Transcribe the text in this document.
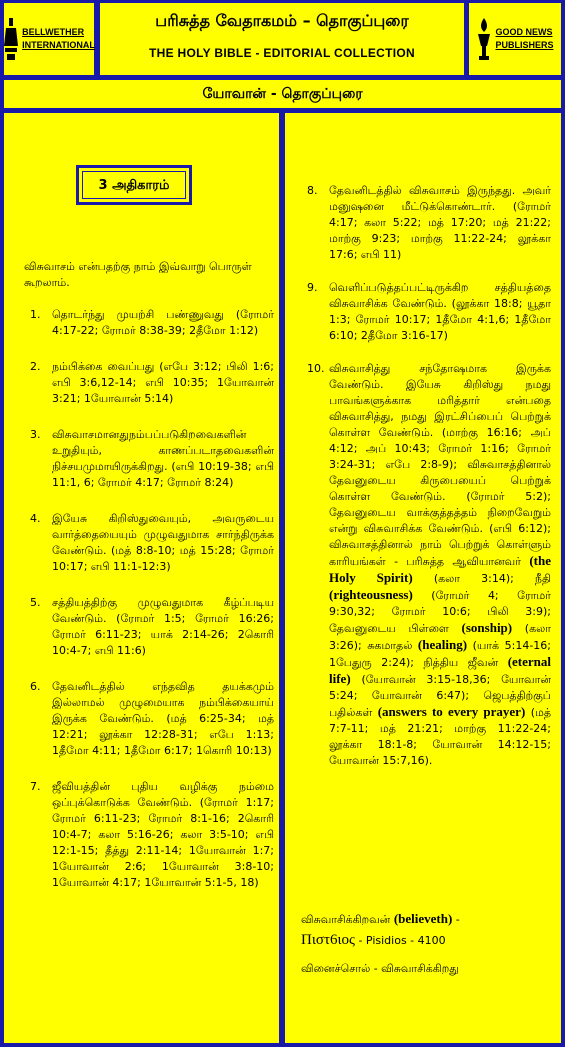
BELLWETHER
INTERNATIONAL
பரிசுத்த வேதாகமம் – தொகுப்புரை
THE HOLY BIBLE - EDITORIAL COLLECTION
GOOD NEWS
PUBLISHERS
யோவான் - தொகுப்புரை
3 அதிகாரம்
விசுவாசம் என்பதற்கு நாம் இவ்வாறு பொருள் கூறலாம்.
1. தொடர்ந்து முயற்சி பண்ணுவது (ரோமர் 4:17-22; ரோமர் 8:38-39; 2தீமோ 1:12)
2. நம்பிக்கை வைப்பது (எபே 3:12; பிலி 1:6; எபி 3:6,12-14; எபி 10:35; 1யோவான் 3:21; 1யோவான் 5:14)
3. விசுவாசமானதுநம்பப்படுகிறவைகளின் உறுதியும், காணப்படாதவைகளின் நிச்சயமுமாயிருக்கிறது. (எபி 10:19-38; எபி 11:1, 6; ரோமர் 4:17; ரோமர் 8:24)
4. இயேசு கிறிஸ்துவையும், அவருடைய வார்த்தையையும் முழுவதுமாக சார்ந்திருக்க வேண்டும். (மத் 8:8-10; மத் 15:28; ரோமர் 10:17; எபி 11:1-12:3)
5. சத்தியத்திற்கு முழுவதுமாக கீழ்ப்படிய வேண்டும். (ரோமர் 1:5; ரோமர் 16:26; ரோமர் 6:11-23; யாக் 2:14-26; 2கொரி 10:4-7; எபி 11:6)
6. தேவனிடத்தில் எந்தவித தயக்கமும் இல்லாமல் முழுமையாக நம்பிக்கையாய் இருக்க வேண்டும். (மத் 6:25-34; மத் 12:21; லூக்கா 12:28-31; எபே 1:13; 1தீமோ 4:11; 1தீமோ 6:17; 1கொரி 10:13)
7. ஜீவியத்தின் புதிய வழிக்கு நம்மை ஒப்புக்கொடுக்க வேண்டும். (ரோமர் 1:17; ரோமர் 6:11-23; ரோமர் 8:1-16; 2கொரி 10:4-7; கலா 5:16-26; கலா 3:5-10; எபி 12:1-15; தீத்து 2:11-14; 1யோவான் 1:7; 1யோவான் 2:6; 1யோவான் 3:8-10; 1யோவான் 4:17; 1யோவான் 5:1-5, 18)
8. தேவனிடத்தில் விசுவாசம் இருந்தது. அவர் மனுஷனை மீட்டுக்கொண்டார். (ரோமர் 4:17; கலா 5:22; மத் 17:20; மத் 21:22; மாற்கு 9:23; மாற்கு 11:22-24; லூக்கா 17:6; எபி 11)
9. வெளிப்படுத்தப்பட்டிருக்கிற சத்தியத்தை விசுவாசிக்க வேண்டும். (லூக்கா 18:8; யூதா 1:3; ரோமர் 10:17; 1தீமோ 4:1,6; 1தீமோ 6:10; 2தீமோ 3:16-17)
10. விசுவாசித்து சந்தோஷமாக இருக்க வேண்டும். இயேசு கிறிஸ்து நமது பாவங்களுக்காக மரித்தார் என்பதை விசுவாசித்து, நமது இரட்சிப்பைப் பெற்றுக் கொள்ள வேண்டும். (மாற்கு 16:16; அப் 4:12; அப் 10:43; ரோமர் 1:16; ரோமர் 3:24-31; எபே 2:8-9); விசுவாசத்தினால் தேவனுடைய கிருபையைப் பெற்றுக் கொள்ள வேண்டும். (ரோமர் 5:2); தேவனுடைய வாக்குத்தத்தம் நிறைவேறும் என்று விசுவாசிக்க வேண்டும். (எபி 6:12); விசுவாசத்தினால் நாம் பெற்றுக் கொள்ளும் காரியங்கள் - பரிசுத்த ஆவியானவர் (the Holy Spirit) (கலா 3:14); நீதி (righteousness) (ரோமர் 4; ரோமர் 9:30,32; ரோமர் 10:6; பிலி 3:9); தேவனுடைய பிள்ளை (sonship) (கலா 3:26); சுகமாதல் (healing) (யாக் 5:14-16; 1பேதுரு 2:24); நித்திய ஜீவன் (eternal life) (யோவான் 3:15-18,36; யோவான் 5:24; யோவான் 6:47); ஜெபத்திற்குப் பதில்கள் (answers to every prayer) (மத் 7:7-11; மத் 21:21; மாற்கு 11:22-24; லூக்கா 18:1-8; யோவான் 14:12-15; யோவான் 15:7,16).
விசுவாசிக்கிறவன் (believeth) -
Πιστ6ιος - Pisidios - 4100
வினைச்சொல் - விசுவாசிக்கிறது
